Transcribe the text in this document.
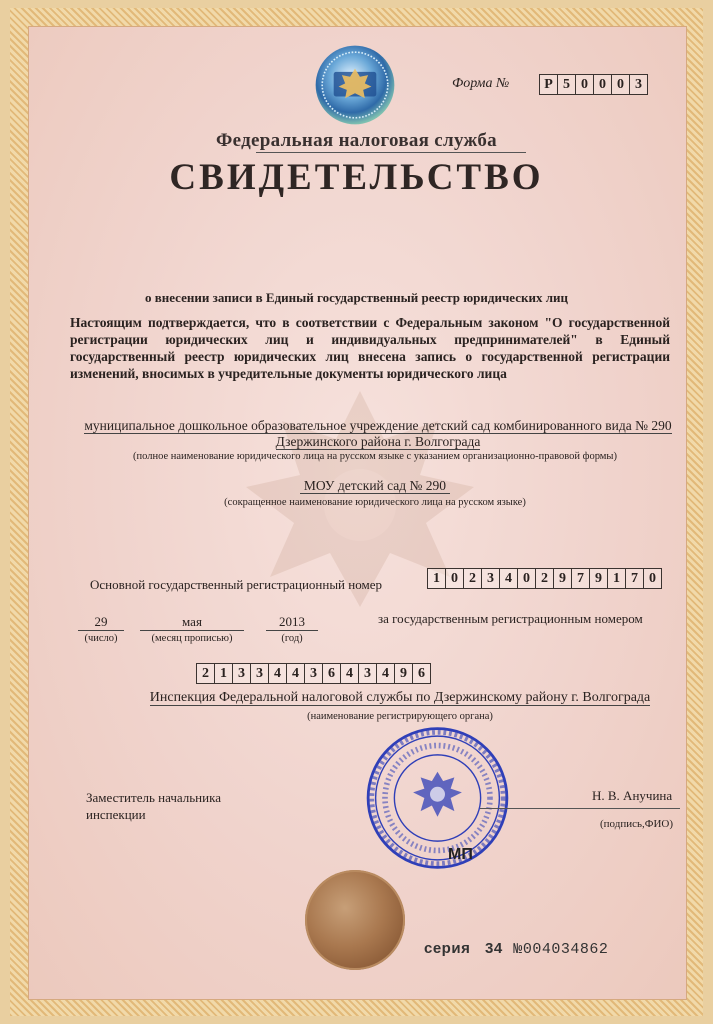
Форма №	Р 5 0 0 0 3
Федеральная налоговая служба
СВИДЕТЕЛЬСТВО
о внесении записи в Единый государственный реестр юридических лиц
Настоящим подтверждается, что в соответствии с Федеральным законом "О государственной регистрации юридических лиц и индивидуальных предпринимателей" в Единый государственный реестр юридических лиц внесена запись о государственной регистрации изменений, вносимых в учредительные документы юридического лица
муниципальное дошкольное образовательное учреждение детский сад комбинированного вида № 290 Дзержинского района г. Волгограда
(полное наименование юридического лица на русском языке с указанием организационно-правовой формы)
МОУ детский сад № 290
(сокращенное наименование юридического лица на русском языке)
Основной государственный регистрационный номер	1 0 2 3 4 0 2 9 7 9 1 7 0
29
(число)
мая
(месяц прописью)
2013
(год)
за государственным регистрационным номером
2 1 3 3 4 4 3 6 4 3 4 9 6
Инспекция Федеральной налоговой службы по Дзержинскому району г. Волгограда
(наименование регистрирующего органа)
МП
Заместитель начальника
инспекции
Н. В. Анучина
(подпись,ФИО)
серия 34 №004034862
